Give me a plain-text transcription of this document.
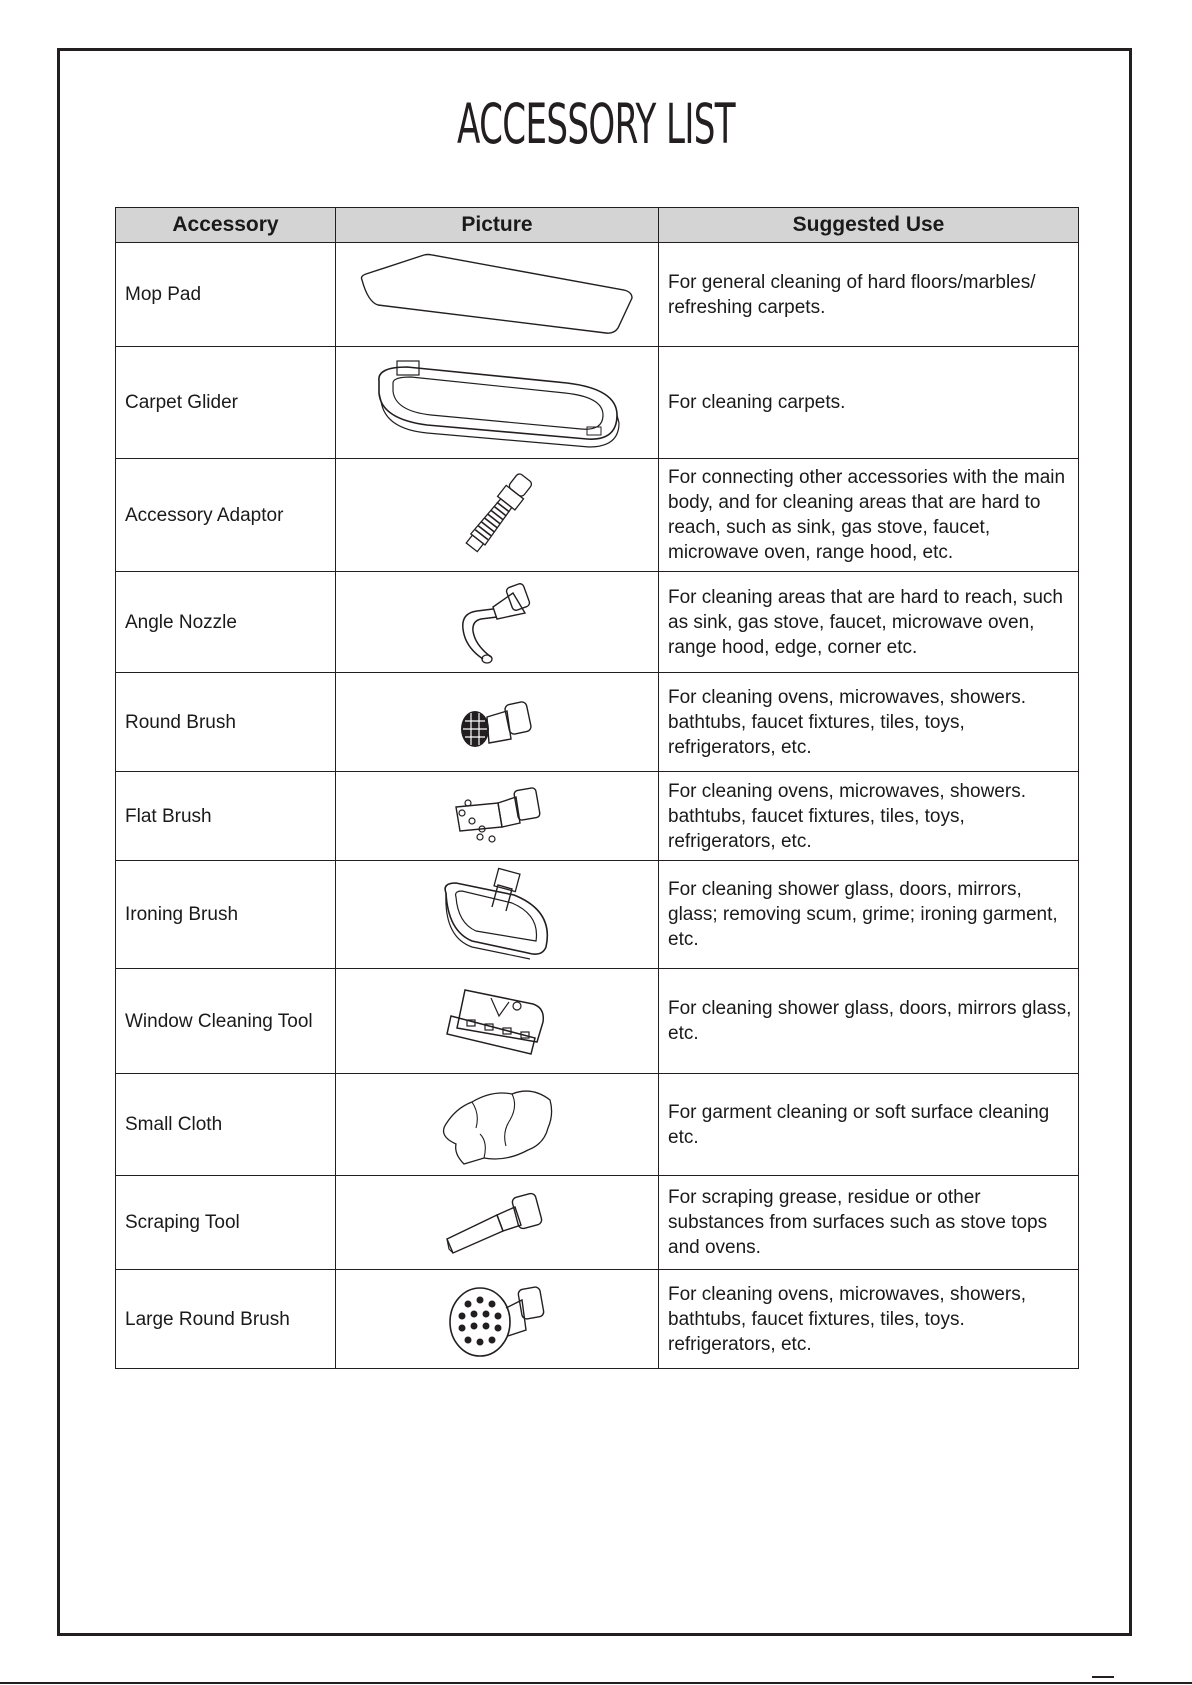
ACCESSORY LIST
Accessory	Picture	Suggested Use
Mop Pad		For general cleaning of hard floors/marbles/ refreshing carpets.
Carpet Glider		For cleaning carpets.
Accessory Adaptor		For connecting other accessories with the main body, and for cleaning areas that are hard to reach, such as sink, gas stove, faucet, microwave oven, range hood, etc.
Angle Nozzle		For cleaning areas that are hard to reach, such as sink, gas stove, faucet, microwave oven, range hood, edge, corner etc.
Round Brush		For cleaning ovens, microwaves, showers. bathtubs, faucet fixtures, tiles, toys, refrigerators, etc.
Flat Brush		For cleaning ovens, microwaves, showers. bathtubs, faucet fixtures, tiles, toys, refrigerators, etc.
Ironing Brush		For cleaning shower glass, doors, mirrors, glass; removing scum, grime; ironing garment, etc.
Window Cleaning Tool		For cleaning shower glass, doors, mirrors glass, etc.
Small Cloth		For garment cleaning or soft surface cleaning etc.
Scraping Tool		For scraping grease, residue or other substances from surfaces such as stove tops and ovens.
Large Round Brush		For cleaning ovens, microwaves, showers, bathtubs, faucet fixtures, tiles, toys. refrigerators, etc.
